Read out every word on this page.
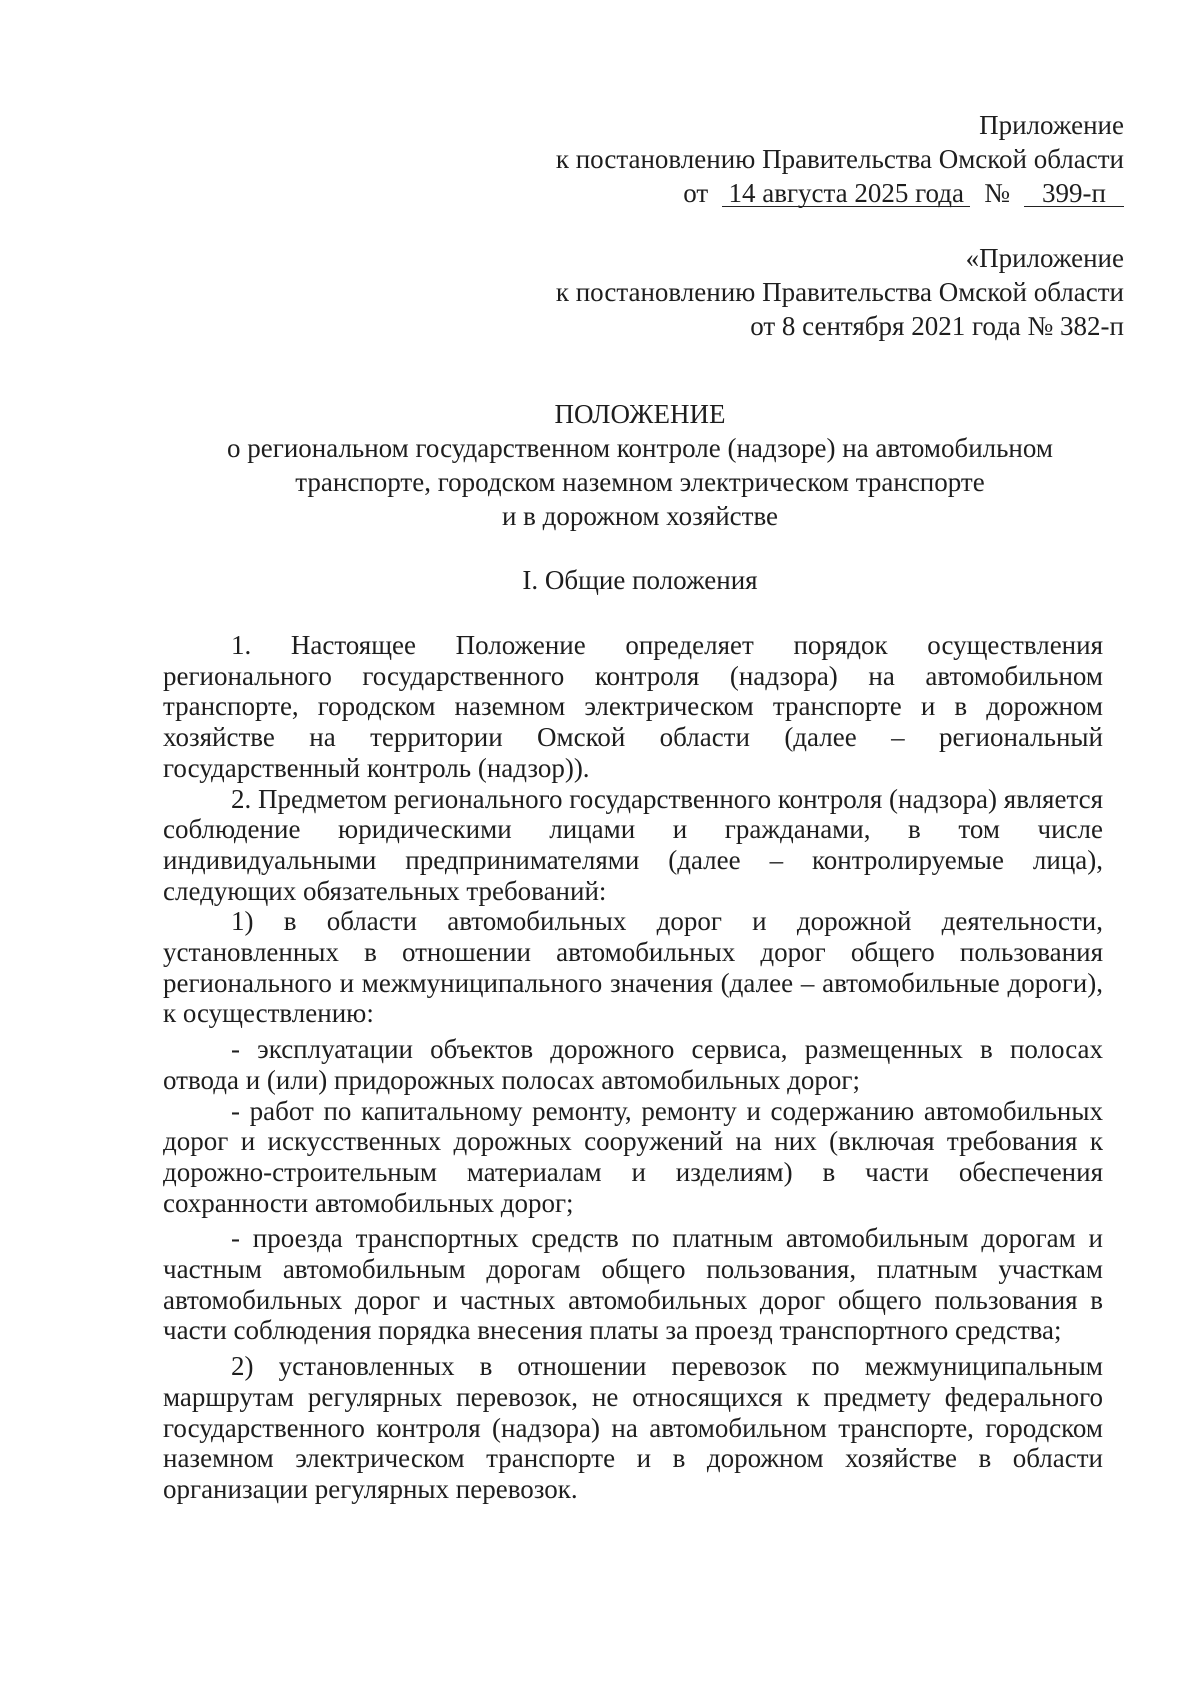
Приложение
к постановлению Правительства Омской области
от 14 августа 2025 года № 399-п
«Приложение
к постановлению Правительства Омской области
от 8 сентября 2021 года № 382-п
ПОЛОЖЕНИЕ
о региональном государственном контроле (надзоре) на автомобильном
транспорте, городском наземном электрическом транспорте
и в дорожном хозяйстве
I. Общие положения

1. Настоящее Положение определяет порядок осуществления регионального государственного контроля (надзора) на автомобильном транспорте, городском наземном электрическом транспорте и в дорожном хозяйстве на территории Омской области (далее – региональный государственный контроль (надзор)).

2. Предметом регионального государственного контроля (надзора) является соблюдение юридическими лицами и гражданами, в том числе индивидуальными предпринимателями (далее – контролируемые лица), следующих обязательных требований:

1) в области автомобильных дорог и дорожной деятельности, установленных в отношении автомобильных дорог общего пользования регионального и межмуниципального значения (далее – автомобильные дороги), к осуществлению:

- эксплуатации объектов дорожного сервиса, размещенных в полосах отвода и (или) придорожных полосах автомобильных дорог;

- работ по капитальному ремонту, ремонту и содержанию автомобильных дорог и искусственных дорожных сооружений на них (включая требования к дорожно-строительным материалам и изделиям) в части обеспечения сохранности автомобильных дорог;

- проезда транспортных средств по платным автомобильным дорогам и частным автомобильным дорогам общего пользования, платным участкам автомобильных дорог и частных автомобильных дорог общего пользования в части соблюдения порядка внесения платы за проезд транспортного средства;

2) установленных в отношении перевозок по межмуниципальным маршрутам регулярных перевозок, не относящихся к предмету федерального государственного контроля (надзора) на автомобильном транспорте, городском наземном электрическом транспорте и в дорожном хозяйстве в области организации регулярных перевозок.
